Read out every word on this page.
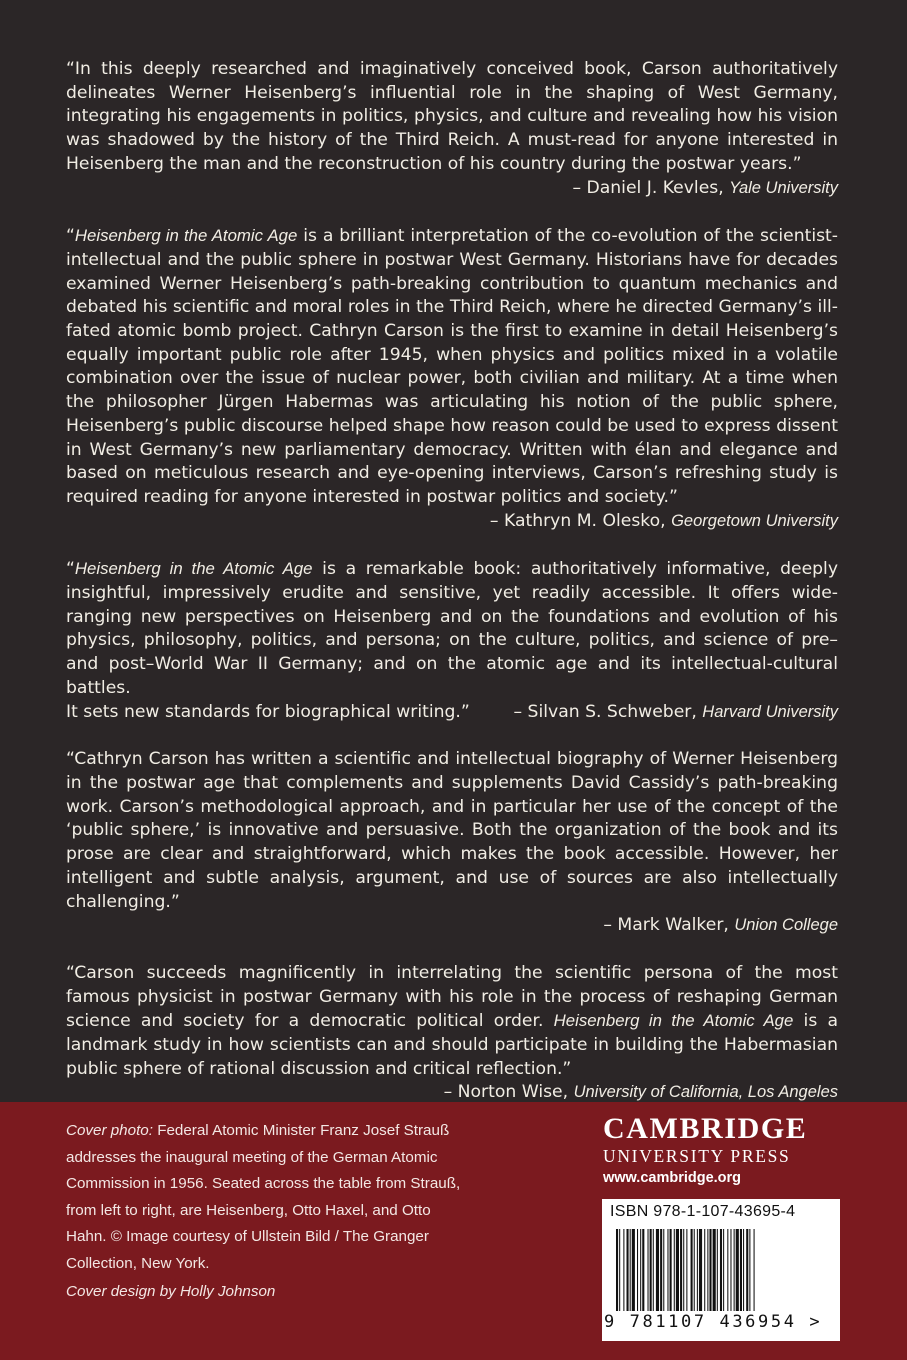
“In this deeply researched and imaginatively conceived book, Carson authoritatively delineates Werner Heisenberg’s influential role in the shaping of West Germany, integrating his engagements in politics, physics, and culture and revealing how his vision was shadowed by the history of the Third Reich. A must-read for anyone interested in Heisenberg the man and the reconstruction of his country during the postwar years.”

– Daniel J. Kevles, Yale University

“Heisenberg in the Atomic Age is a brilliant interpretation of the co-evolution of the scientist-intellectual and the public sphere in postwar West Germany. Historians have for decades examined Werner Heisenberg’s path-breaking contribution to quantum mechanics and debated his scientific and moral roles in the Third Reich, where he directed Germany’s ill-fated atomic bomb project. Cathryn Carson is the first to examine in detail Heisenberg’s equally important public role after 1945, when physics and politics mixed in a volatile combination over the issue of nuclear power, both civilian and military. At a time when the philosopher Jürgen Habermas was articulating his notion of the public sphere, Heisenberg’s public discourse helped shape how reason could be used to express dissent in West Germany’s new parliamentary democracy. Written with élan and elegance and based on meticulous research and eye-opening interviews, Carson’s refreshing study is required reading for anyone interested in postwar politics and society.”

– Kathryn M. Olesko, Georgetown University

“Heisenberg in the Atomic Age is a remarkable book: authoritatively informative, deeply insightful, impressively erudite and sensitive, yet readily accessible. It offers wide-ranging new perspectives on Heisenberg and on the foundations and evolution of his physics, philosophy, politics, and persona; on the culture, politics, and science of pre– and post–World War II Germany; and on the atomic age and its intellectual-cultural battles.

It sets new standards for biographical writing.”	– Silvan S. Schweber, Harvard University

“Cathryn Carson has written a scientific and intellectual biography of Werner Heisenberg in the postwar age that complements and supplements David Cassidy’s path-breaking work. Carson’s methodological approach, and in particular her use of the concept of the ‘public sphere,’ is innovative and persuasive. Both the organization of the book and its prose are clear and straightforward, which makes the book accessible. However, her intelligent and subtle analysis, argument, and use of sources are also intellectually challenging.”

– Mark Walker, Union College

“Carson succeeds magnificently in interrelating the scientific persona of the most famous physicist in postwar Germany with his role in the process of reshaping German science and society for a democratic political order. Heisenberg in the Atomic Age is a landmark study in how scientists can and should participate in building the Habermasian public sphere of rational discussion and critical reflection.”

– Norton Wise, University of California, Los Angeles
Cover photo: Federal Atomic Minister Franz Josef Strauß addresses the inaugural meeting of the German Atomic Commission in 1956. Seated across the table from Strauß, from left to right, are Heisenberg, Otto Haxel, and Otto Hahn. © Image courtesy of Ullstein Bild / The Granger Collection, New York.
Cover design by Holly Johnson
CAMBRIDGE
UNIVERSITY PRESS
www.cambridge.org
ISBN 978-1-107-43695-4
9 781107 436954 >
